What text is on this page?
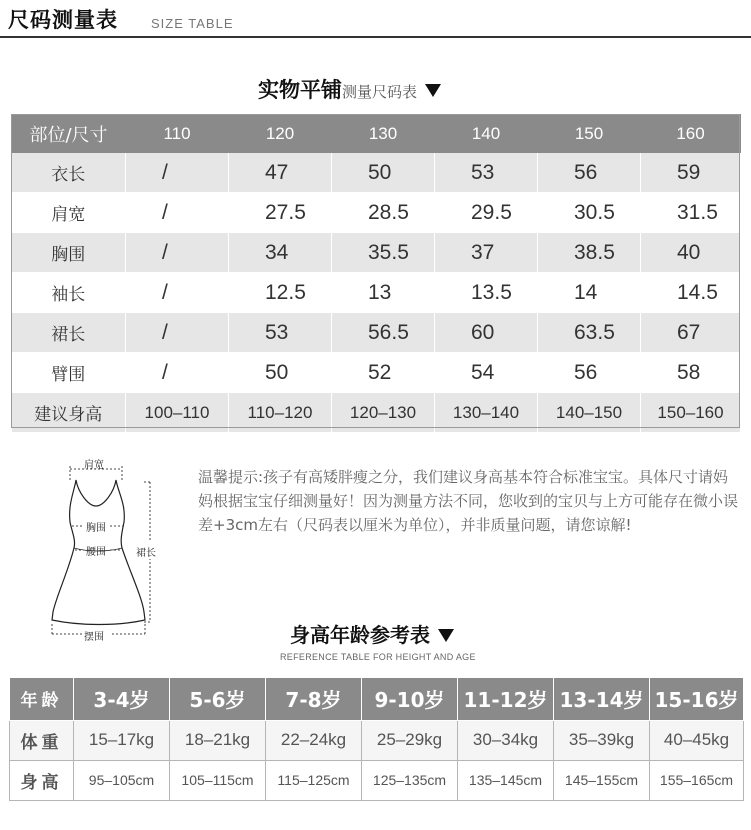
尺码测量表	SIZE TABLE
实物平铺测量尺码表
部位/尺寸	110	120	130	140	150	160
衣长	/	47	50	53	56	59
肩宽	/	27.5	28.5	29.5	30.5	31.5
胸围	/	34	35.5	37	38.5	40
袖长	/	12.5	13	13.5	14	14.5
裙长	/	53	56.5	60	63.5	67
臂围	/	50	52	54	56	58
建议身高	100–110	110–120	120–130	130–140	140–150	150–160
肩宽
胸围
腰围	裙长
摆围
温馨提示:孩子有高矮胖瘦之分，我们建议身高基本符合标准宝宝。具体尺寸请妈妈根据宝宝仔细测量好！因为测量方法不同，您收到的宝贝与上方可能存在微小误差+3cm左右（尺码表以厘米为单位），并非质量问题，请您谅解!
身高年龄参考表
REFERENCE TABLE FOR HEIGHT AND AGE
年龄	3-4岁	5-6岁	7-8岁	9-10岁	11-12岁	13-14岁	15-16岁
体重	15–17kg	18–21kg	22–24kg	25–29kg	30–34kg	35–39kg	40–45kg
身高	95–105cm	105–115cm	115–125cm	125–135cm	135–145cm	145–155cm	155–165cm
